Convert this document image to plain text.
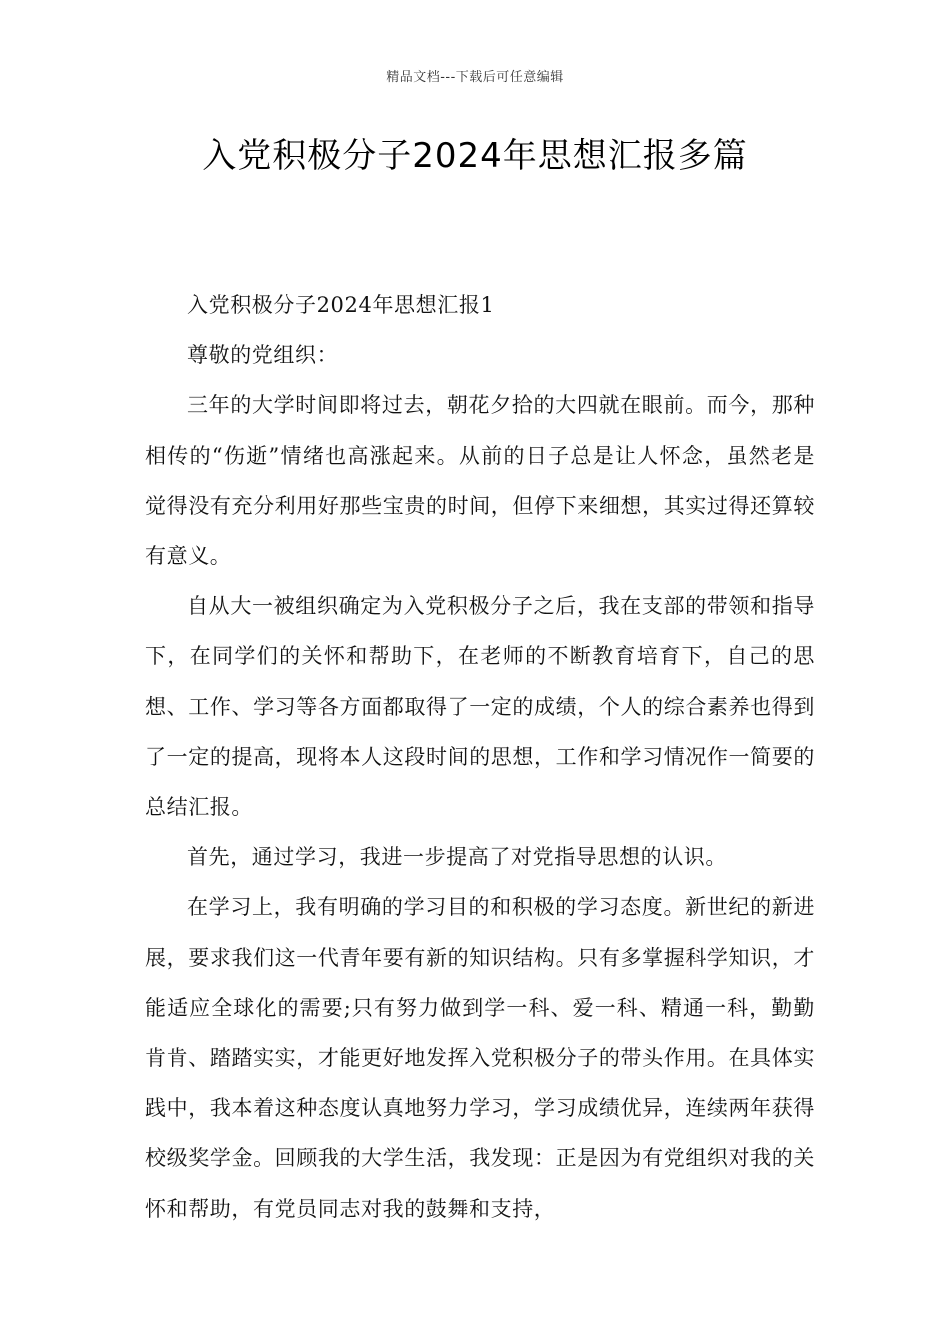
精品文档---下载后可任意编辑
入党积极分子2024年思想汇报多篇

入党积极分子2024年思想汇报1

尊敬的党组织：

三年的大学时间即将过去，朝花夕拾的大四就在眼前。而今，那种相传的“伤逝”情绪也高涨起来。从前的日子总是让人怀念，虽然老是觉得没有充分利用好那些宝贵的时间，但停下来细想，其实过得还算较有意义。

自从大一被组织确定为入党积极分子之后，我在支部的带领和指导下，在同学们的关怀和帮助下，在老师的不断教育培育下，自己的思想、工作、学习等各方面都取得了一定的成绩，个人的综合素养也得到了一定的提高，现将本人这段时间的思想，工作和学习情况作一简要的总结汇报。

首先，通过学习，我进一步提高了对党指导思想的认识。

在学习上，我有明确的学习目的和积极的学习态度。新世纪的新进展，要求我们这一代青年要有新的知识结构。只有多掌握科学知识，才能适应全球化的需要;只有努力做到学一科、爱一科、精通一科，勤勤肯肯、踏踏实实，才能更好地发挥入党积极分子的带头作用。在具体实践中，我本着这种态度认真地努力学习，学习成绩优异，连续两年获得校级奖学金。回顾我的大学生活，我发现：正是因为有党组织对我的关怀和帮助，有党员同志对我的鼓舞和支持，
